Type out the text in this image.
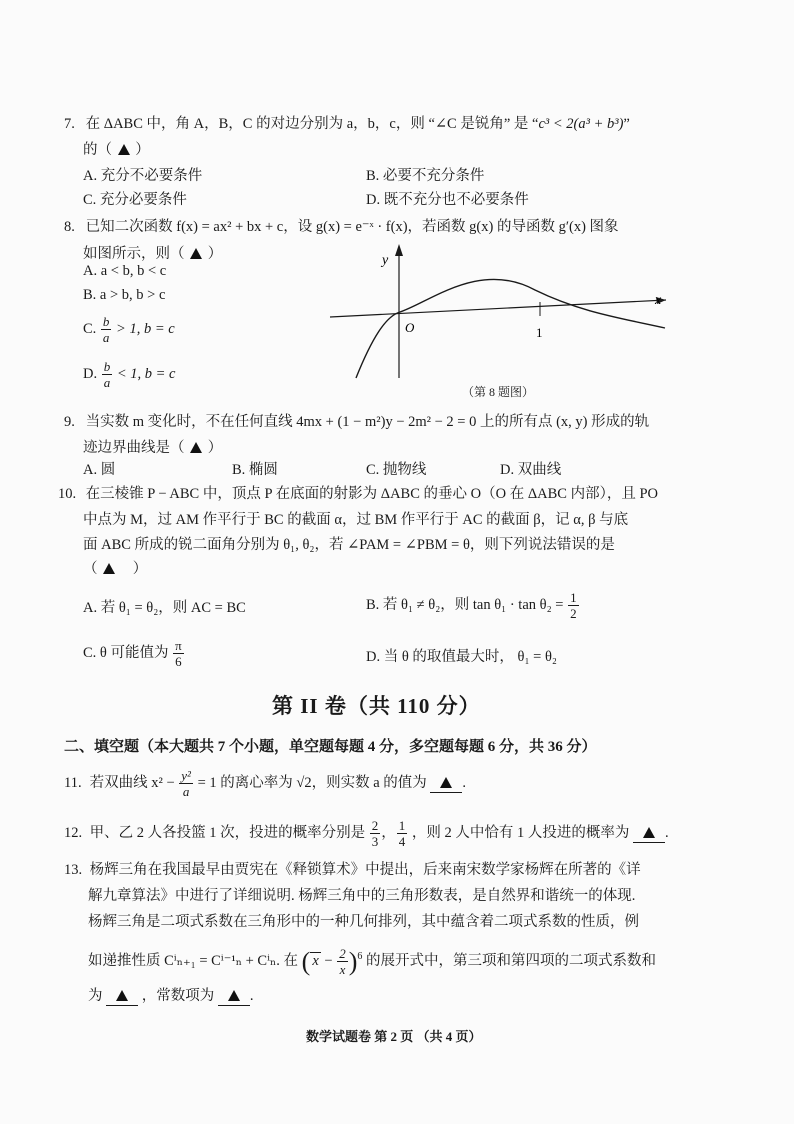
7. 在 ΔABC 中，角 A，B，C 的对边分别为 a，b，c，则 “∠C 是锐角” 是 “c³ < 2(a³ + b³)”
的（ ）
A. 充分不必要条件	B. 必要不充分条件
C. 充分必要条件	D. 既不充分也不必要条件
8. 已知二次函数 f(x) = ax² + bx + c，设 g(x) = e⁻ˣ · f(x)，若函数 g(x) 的导函数 g′(x) 图象
如图所示，则（ ）
A. a < b, b < c
B. a > b, b > c
C. $\frac{b}{a} > 1$, b = c
D. $\frac{b}{a} < 1$, b = c
y
x
O	1
（第 8 题图）
9. 当实数 m 变化时，不在任何直线 4mx + (1 − m²)y − 2m² − 2 = 0 上的所有点 (x, y) 形成的轨
迹边界曲线是（ ）
A. 圆	B. 椭圆	C. 抛物线	D. 双曲线
10. 在三棱锥 P − ABC 中，顶点 P 在底面的射影为 ΔABC 的垂心 O（O 在 ΔABC 内部），且 PO
中点为 M，过 AM 作平行于 BC 的截面 α，过 BM 作平行于 AC 的截面 β，记 α, β 与底
面 ABC 所成的锐二面角分别为 θ₁, θ₂，若 ∠PAM = ∠PBM = θ，则下列说法错误的是
（ ）
A. 若 θ₁ = θ₂，则 AC = BC	B. 若 θ₁ ≠ θ₂，则 $\tan \theta_1 \cdot \tan \theta_2 = \frac{1}{2}$
C. θ 可能值为 $\frac{\pi}{6}$	D. 当 θ 的取值最大时， θ₁ = θ₂
第 II 卷（共 110 分）
二、填空题（本大题共 7 个小题，单空题每题 4 分，多空题每题 6 分，共 36 分）
11. 若双曲线 $x^2 - \frac{\text{y²}}{a} = 1$ 的离心率为 √2，则实数 a 的值为 .
12. 甲、乙 2 人各投篮 1 次，投进的概率分别是 $\frac{2}{3}$ ， $\frac{1}{4}$ ，则 2 人中恰有 1 人投进的概率为 .
13. 杨辉三角在我国最早由贾宪在《释锁算术》中提出，后来南宋数学家杨辉在所著的《详
解九章算法》中进行了详细说明. 杨辉三角中的三角形数表，是自然界和谐统一的体现.
杨辉三角是二项式系数在三角形中的一种几何排列，其中蕴含着二项式系数的性质，例
如递推性质 Cⁱₙ₊₁ = Cⁱ⁻¹ₙ + Cⁱₙ. 在 ( $x - \frac{2}{x} )^6$ 的展开式中，第三项和第四项的二项式系数和
为	，常数项为 .
数学试题卷 第 2 页 （共 4 页）
